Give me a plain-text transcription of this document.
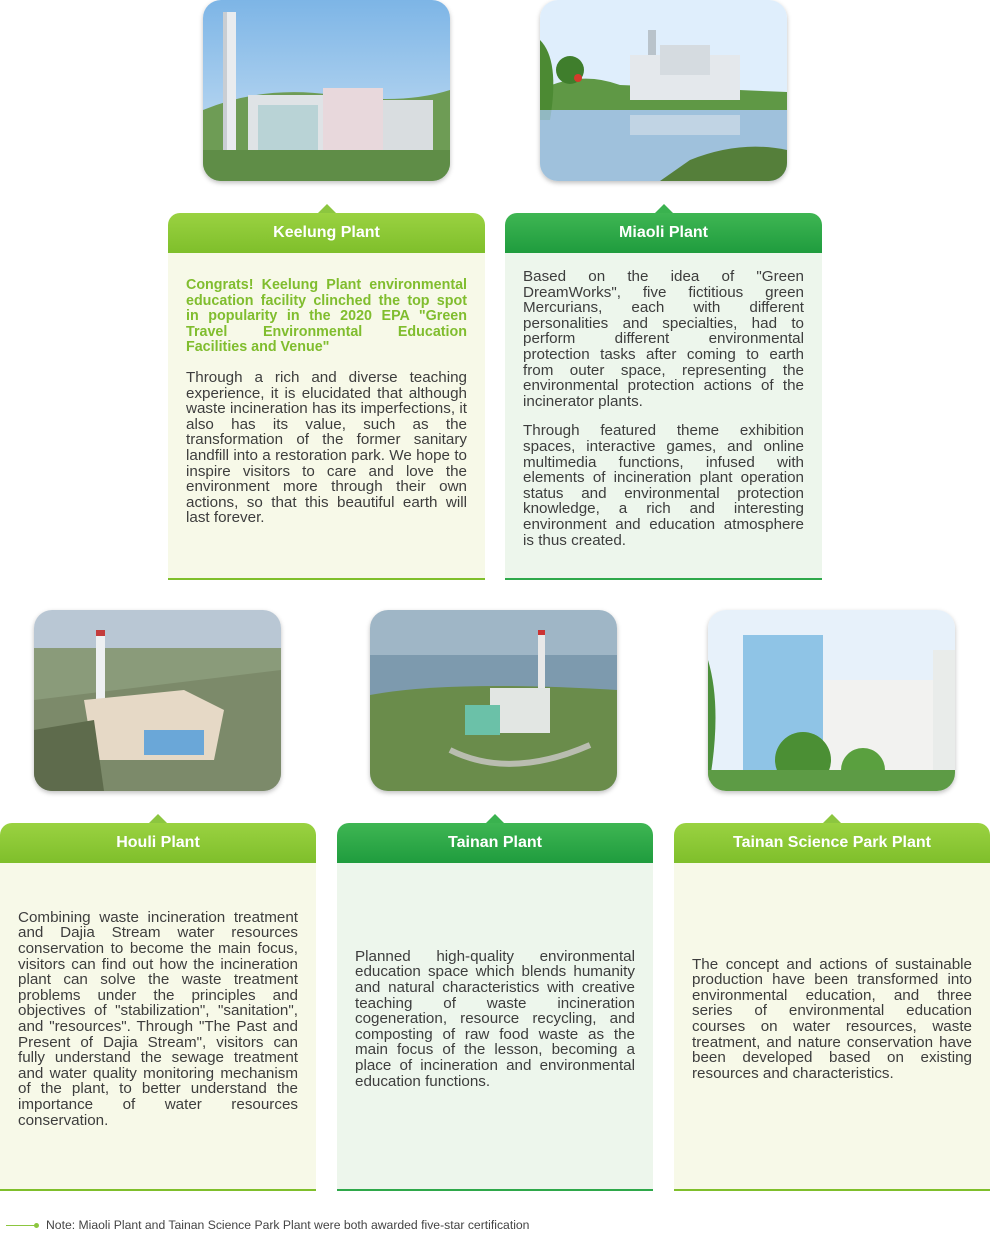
Keelung Plant	Miaoli Plant

Congrats! Keelung Plant environmental education facility clinched the top spot in popularity in the 2020 EPA "Green Travel Environmental Education Facilities and Venue"

Through a rich and diverse teaching experience, it is elucidated that although waste incineration has its imperfections, it also has its value, such as the transformation of the former sanitary landfill into a restoration park. We hope to inspire visitors to care and love the environment more through their own actions, so that this beautiful earth will last forever.

Based on the idea of "Green DreamWorks", five fictitious green Mercurians, each with different personalities and specialties, had to perform different environmental protection tasks after coming to earth from outer space, representing the environmental protection actions of the incinerator plants.

Through featured theme exhibition spaces, interactive games, and online multimedia functions, infused with elements of incineration plant operation status and environmental protection knowledge, a rich and interesting environment and education atmosphere is thus created.

Houli Plant	Tainan Plant	Tainan Science Park Plant

Combining waste incineration treatment and Dajia Stream water resources conservation to become the main focus, visitors can find out how the incineration plant can solve the waste treatment problems under the principles and objectives of "stabilization", "sanitation", and "resources". Through "The Past and Present of Dajia Stream", visitors can fully understand the sewage treatment and water quality monitoring mechanism of the plant, to better understand the importance of water resources conservation.

Planned high-quality environmental education space which blends humanity and natural characteristics with creative teaching of waste incineration cogeneration, resource recycling, and composting of raw food waste as the main focus of the lesson, becoming a place of incineration and environmental education functions.

The concept and actions of sustainable production have been transformed into environmental education, and three series of environmental education courses on water resources, waste treatment, and nature conservation have been developed based on existing resources and characteristics.

Note: Miaoli Plant and Tainan Science Park Plant were both awarded five-star certification
